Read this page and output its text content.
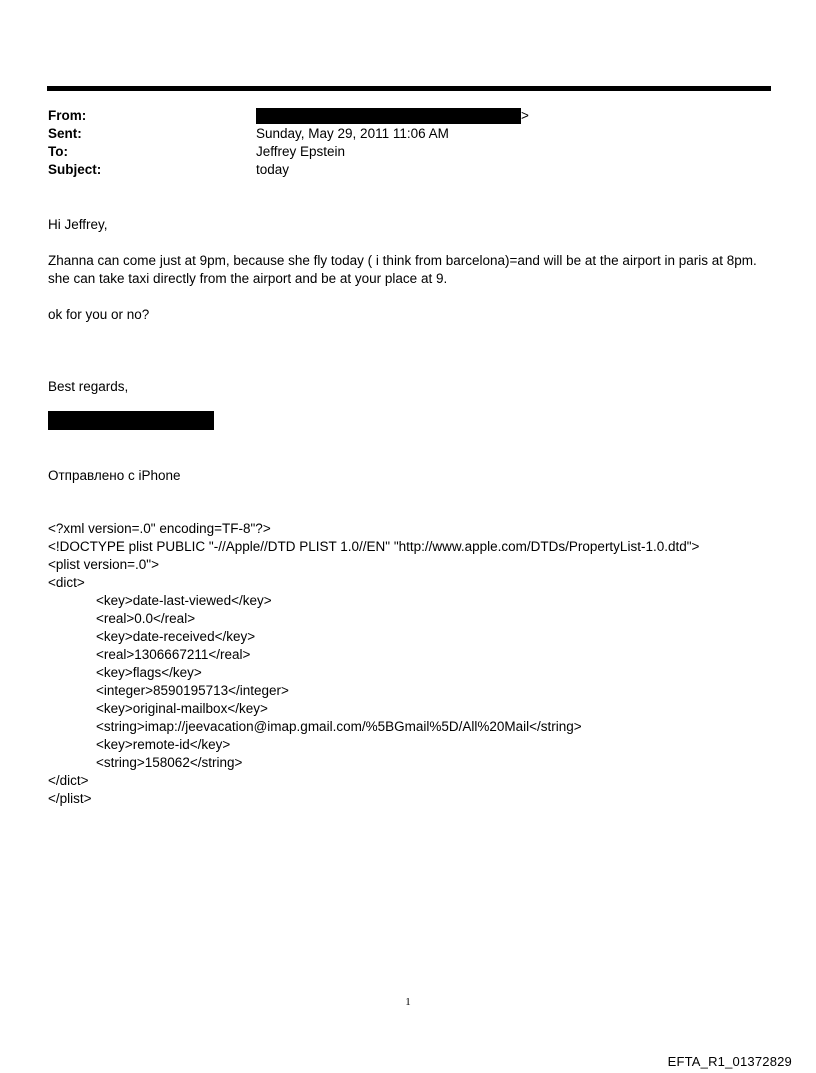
From:	>
Sent:	Sunday, May 29, 2011 11:06 AM
To:	Jeffrey Epstein
Subject:	today
Hi Jeffrey,
Zhanna can come just at 9pm, because she fly today ( i think from barcelona)=and will be at the airport in paris at 8pm.
she can take taxi directly from the airport and be at your place at 9.
ok for you or no?
Best regards,
Отправлено с iPhone
<?xml version=.0" encoding=TF-8"?>
<!DOCTYPE plist PUBLIC "-//Apple//DTD PLIST 1.0//EN" "http://www.apple.com/DTDs/PropertyList-1.0.dtd">
<plist version=.0">
<dict>
<key>date-last-viewed</key>
<real>0.0</real>
<key>date-received</key>
<real>1306667211</real>
<key>flags</key>
<integer>8590195713</integer>
<key>original-mailbox</key>
<string>imap://jeevacation@imap.gmail.com/%5BGmail%5D/All%20Mail</string>
<key>remote-id</key>
<string>158062</string>
</dict>
</plist>
1
EFTA_R1_01372829
